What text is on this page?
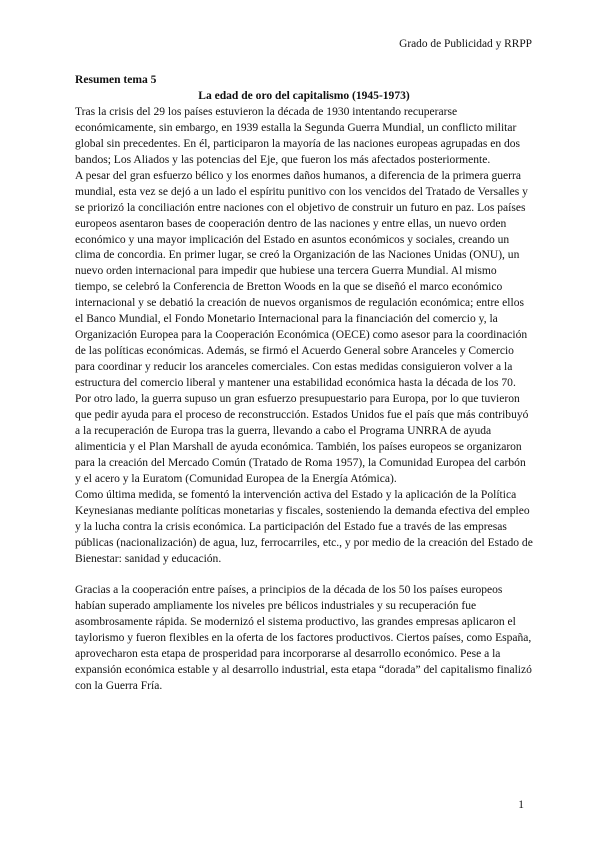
Grado de Publicidad y RRPP

Resumen tema 5

La edad de oro del capitalismo (1945-1973)

Tras la crisis del 29 los países estuvieron la década de 1930 intentando recuperarse económicamente, sin embargo, en 1939 estalla la Segunda Guerra Mundial, un conflicto militar global sin precedentes. En él, participaron la mayoría de las naciones europeas agrupadas en dos bandos; Los Aliados y las potencias del Eje, que fueron los más afectados posteriormente.

A pesar del gran esfuerzo bélico y los enormes daños humanos, a diferencia de la primera guerra mundial, esta vez se dejó a un lado el espíritu punitivo con los vencidos del Tratado de Versalles y se priorizó la conciliación entre naciones con el objetivo de construir un futuro en paz. Los países europeos asentaron bases de cooperación dentro de las naciones y entre ellas, un nuevo orden económico y una mayor implicación del Estado en asuntos económicos y sociales, creando un clima de concordia. En primer lugar, se creó la Organización de las Naciones Unidas (ONU), un nuevo orden internacional para impedir que hubiese una tercera Guerra Mundial. Al mismo tiempo, se celebró la Conferencia de Bretton Woods en la que se diseñó el marco económico internacional y se debatió la creación de nuevos organismos de regulación económica; entre ellos el Banco Mundial, el Fondo Monetario Internacional para la financiación del comercio y, la Organización Europea para la Cooperación Económica (OECE) como asesor para la coordinación de las políticas económicas. Además, se firmó el Acuerdo General sobre Aranceles y Comercio para coordinar y reducir los aranceles comerciales. Con estas medidas consiguieron volver a la estructura del comercio liberal y mantener una estabilidad económica hasta la década de los 70.

Por otro lado, la guerra supuso un gran esfuerzo presupuestario para Europa, por lo que tuvieron que pedir ayuda para el proceso de reconstrucción. Estados Unidos fue el país que más contribuyó a la recuperación de Europa tras la guerra, llevando a cabo el Programa UNRRA de ayuda alimenticia y el Plan Marshall de ayuda económica. También, los países europeos se organizaron para la creación del Mercado Común (Tratado de Roma 1957), la Comunidad Europea del carbón y el acero y la Euratom (Comunidad Europea de la Energía Atómica).

Como última medida, se fomentó la intervención activa del Estado y la aplicación de la Política Keynesianas mediante políticas monetarias y fiscales, sosteniendo la demanda efectiva del empleo y la lucha contra la crisis económica. La participación del Estado fue a través de las empresas públicas (nacionalización) de agua, luz, ferrocarriles, etc., y por medio de la creación del Estado de Bienestar: sanidad y educación.

Gracias a la cooperación entre países, a principios de la década de los 50 los países europeos habían superado ampliamente los niveles pre bélicos industriales y su recuperación fue asombrosamente rápida. Se modernizó el sistema productivo, las grandes empresas aplicaron el taylorismo y fueron flexibles en la oferta de los factores productivos. Ciertos países, como España, aprovecharon esta etapa de prosperidad para incorporarse al desarrollo económico. Pese a la expansión económica estable y al desarrollo industrial, esta etapa “dorada” del capitalismo finalizó con la Guerra Fría.

1
